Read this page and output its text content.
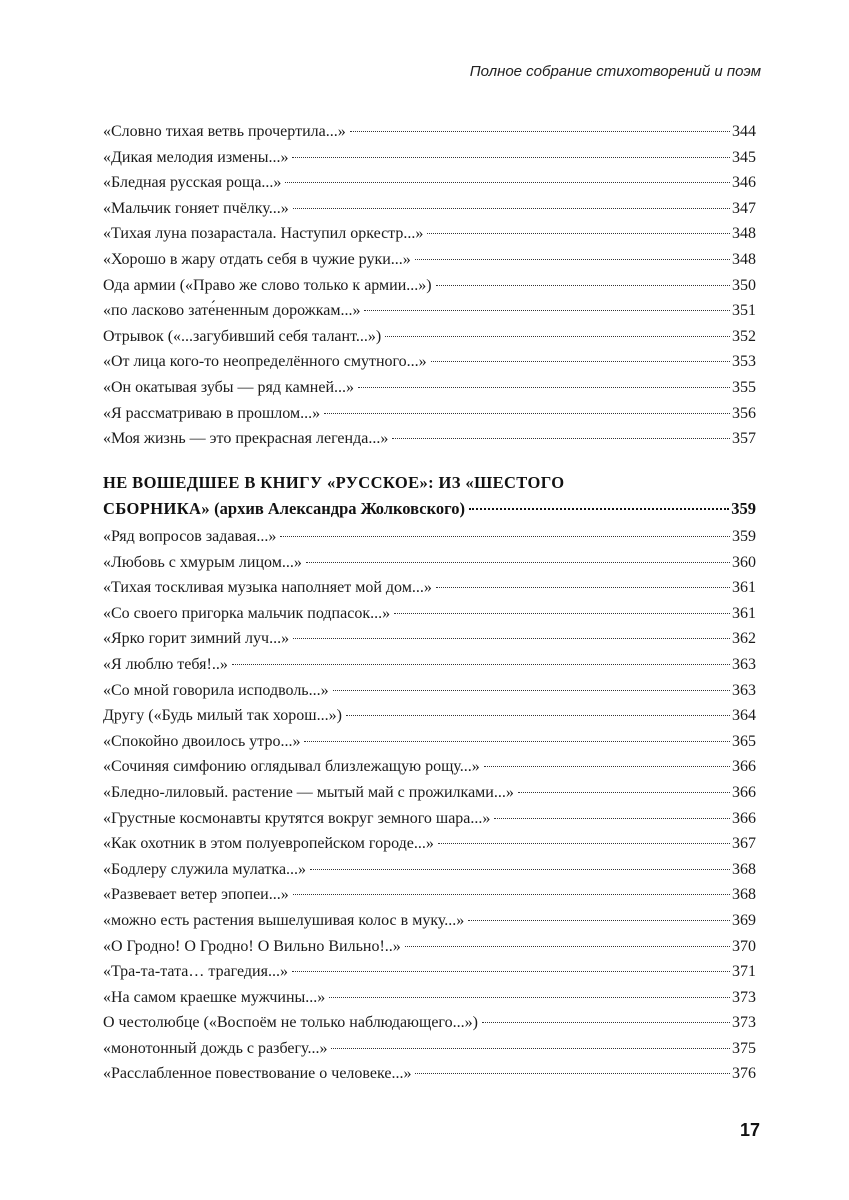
Полное собрание стихотворений и поэм
«Словно тихая ветвь прочертила...»	344
«Дикая мелодия измены...»	345
«Бледная русская роща...»	346
«Мальчик гоняет пчёлку...»	347
«Тихая луна позарастала. Наступил оркестр...»	348
«Хорошо в жару отдать себя в чужие руки...»	348
Ода армии («Право же слово только к армии...»)	350
«по ласково зате́ненным дорожкам...»	351
Отрывок («...загубивший себя талант...»)	352
«От лица кого-то неопределённого смутного...»	353
«Он окатывая зубы — ряд камней...»	355
«Я рассматриваю в прошлом...»	356
«Моя жизнь — это прекрасная легенда...»	357
НЕ ВОШЕДШЕЕ В КНИГУ «РУССКОЕ»: ИЗ «ШЕСТОГО
СБОРНИКА» (архив Александра Жолковского)	359
«Ряд вопросов задавая...»	359
«Любовь с хмурым лицом...»	360
«Тихая тоскливая музыка наполняет мой дом...»	361
«Со своего пригорка мальчик подпасок...»	361
«Ярко горит зимний луч...»	362
«Я люблю тебя!..»	363
«Со мной говорила исподволь...»	363
Другу («Будь милый так хорош...»)	364
«Спокойно двоилось утро...»	365
«Сочиняя симфонию оглядывал близлежащую рощу...»	366
«Бледно-лиловый. растение — мытый май с прожилками...»	366
«Грустные космонавты крутятся вокруг земного шара...»	366
«Как охотник в этом полуевропейском городе...»	367
«Бодлеру служила мулатка...»	368
«Развевает ветер эпопеи...»	368
«можно есть растения вышелушивая колос в муку...»	369
«О Гродно! О Гродно! О Вильно Вильно!..»	370
«Тра-та-тата… трагедия...»	371
«На самом краешке мужчины...»	373
О честолюбце («Воспоём не только наблюдающего...»)	373
«монотонный дождь с разбегу...»	375
«Расслабленное повествование о человеке...»	376
17
